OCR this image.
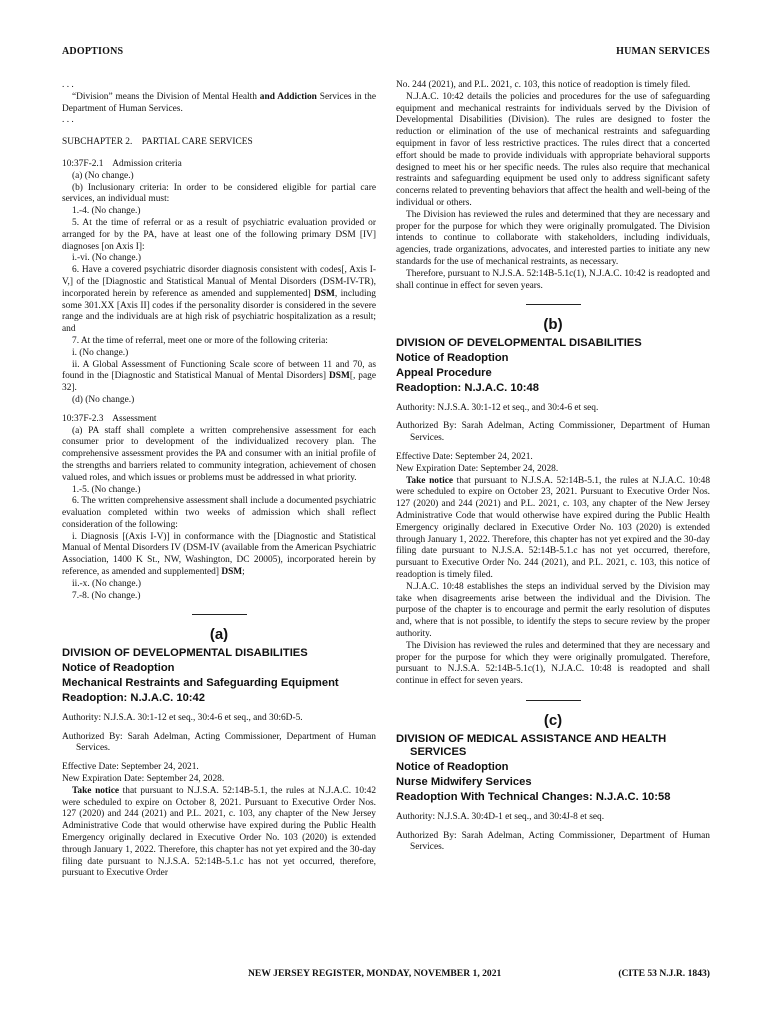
ADOPTIONS	HUMAN SERVICES

. . .

“Division” means the Division of Mental Health and Addiction Services in the Department of Human Services.

. . .

SUBCHAPTER 2.    PARTIAL CARE SERVICES

10:37F-2.1    Admission criteria

(a) (No change.)

(b) Inclusionary criteria: In order to be considered eligible for partial care services, an individual must:

1.-4. (No change.)

5. At the time of referral or as a result of psychiatric evaluation provided or arranged for by the PA, have at least one of the following primary DSM [IV] diagnoses [on Axis I]:

i.-vi. (No change.)

6. Have a covered psychiatric disorder diagnosis consistent with codes[, Axis I-V,] of the [Diagnostic and Statistical Manual of Mental Disorders (DSM-IV-TR), incorporated herein by reference as amended and supplemented] DSM, including some 301.XX [Axis II] codes if the personality disorder is considered in the severe range and the individuals are at high risk of psychiatric hospitalization as a result; and

7. At the time of referral, meet one or more of the following criteria:

i. (No change.)

ii. A Global Assessment of Functioning Scale score of between 11 and 70, as found in the [Diagnostic and Statistical Manual of Mental Disorders] DSM[, page 32].

(d) (No change.)

10:37F-2.3    Assessment

(a) PA staff shall complete a written comprehensive assessment for each consumer prior to development of the individualized recovery plan. The comprehensive assessment provides the PA and consumer with an initial profile of the strengths and barriers related to community integration, achievement of chosen valued roles, and which issues or problems must be addressed in what priority.

1.-5. (No change.)

6. The written comprehensive assessment shall include a documented psychiatric evaluation completed within two weeks of admission which shall reflect consideration of the following:

i. Diagnosis [(Axis I-V)] in conformance with the [Diagnostic and Statistical Manual of Mental Disorders IV (DSM-IV (available from the American Psychiatric Association, 1400 K St., NW, Washington, DC 20005), incorporated herein by reference, as amended and supplemented] DSM;

ii.-x. (No change.)

7.-8. (No change.)

(a)
DIVISION OF DEVELOPMENTAL DISABILITIES
Notice of Readoption
Mechanical Restraints and Safeguarding Equipment
Readoption: N.J.A.C. 10:42

Authority: N.J.S.A. 30:1-12 et seq., 30:4-6 et seq., and 30:6D-5.

Authorized By: Sarah Adelman, Acting Commissioner, Department of Human Services.

Effective Date: September 24, 2021.

New Expiration Date: September 24, 2028.

Take notice that pursuant to N.J.S.A. 52:14B-5.1, the rules at N.J.A.C. 10:42 were scheduled to expire on October 8, 2021. Pursuant to Executive Order Nos. 127 (2020) and 244 (2021) and P.L. 2021, c. 103, any chapter of the New Jersey Administrative Code that would otherwise have expired during the Public Health Emergency originally declared in Executive Order No. 103 (2020) is extended through January 1, 2022. Therefore, this chapter has not yet expired and the 30-day filing date pursuant to N.J.S.A. 52:14B-5.1.c has not yet occurred, therefore, pursuant to Executive Order

No. 244 (2021), and P.L. 2021, c. 103, this notice of readoption is timely filed.

N.J.A.C. 10:42 details the policies and procedures for the use of safeguarding equipment and mechanical restraints for individuals served by the Division of Developmental Disabilities (Division). The rules are designed to foster the reduction or elimination of the use of mechanical restraints and safeguarding equipment in favor of less restrictive practices. The rules direct that a concerted effort should be made to provide individuals with appropriate behavioral supports designed to meet his or her specific needs. The rules also require that mechanical restraints and safeguarding equipment be used only to address significant safety concerns related to preventing behaviors that affect the health and well-being of the individual or others.

The Division has reviewed the rules and determined that they are necessary and proper for the purpose for which they were originally promulgated. The Division intends to continue to collaborate with stakeholders, including individuals, agencies, trade organizations, advocates, and interested parties to initiate any new standards for the use of mechanical restraints, as necessary.

Therefore, pursuant to N.J.S.A. 52:14B-5.1c(1), N.J.A.C. 10:42 is readopted and shall continue in effect for seven years.

(b)
DIVISION OF DEVELOPMENTAL DISABILITIES
Notice of Readoption
Appeal Procedure
Readoption: N.J.A.C. 10:48

Authority: N.J.S.A. 30:1-12 et seq., and 30:4-6 et seq.

Authorized By: Sarah Adelman, Acting Commissioner, Department of Human Services.

Effective Date: September 24, 2021.

New Expiration Date: September 24, 2028.

Take notice that pursuant to N.J.S.A. 52:14B-5.1, the rules at N.J.A.C. 10:48 were scheduled to expire on October 23, 2021. Pursuant to Executive Order Nos. 127 (2020) and 244 (2021) and P.L. 2021, c. 103, any chapter of the New Jersey Administrative Code that would otherwise have expired during the Public Health Emergency originally declared in Executive Order No. 103 (2020) is extended through January 1, 2022. Therefore, this chapter has not yet expired and the 30-day filing date pursuant to N.J.S.A. 52:14B-5.1.c has not yet occurred, therefore, pursuant to Executive Order No. 244 (2021), and P.L. 2021, c. 103, this notice of readoption is timely filed.

N.J.A.C. 10:48 establishes the steps an individual served by the Division may take when disagreements arise between the individual and the Division. The purpose of the chapter is to encourage and permit the early resolution of disputes and, where that is not possible, to identify the steps to secure review by the proper authority.

The Division has reviewed the rules and determined that they are necessary and proper for the purpose for which they were originally promulgated. Therefore, pursuant to N.J.S.A. 52:14B-5.1c(1), N.J.A.C. 10:48 is readopted and shall continue in effect for seven years.

(c)
DIVISION OF MEDICAL ASSISTANCE AND HEALTH SERVICES
Notice of Readoption
Nurse Midwifery Services
Readoption With Technical Changes: N.J.A.C. 10:58

Authority: N.J.S.A. 30:4D-1 et seq., and 30:4J-8 et seq.

Authorized By: Sarah Adelman, Acting Commissioner, Department of Human Services.

NEW JERSEY REGISTER, MONDAY, NOVEMBER 1, 2021	(CITE 53 N.J.R. 1843)
